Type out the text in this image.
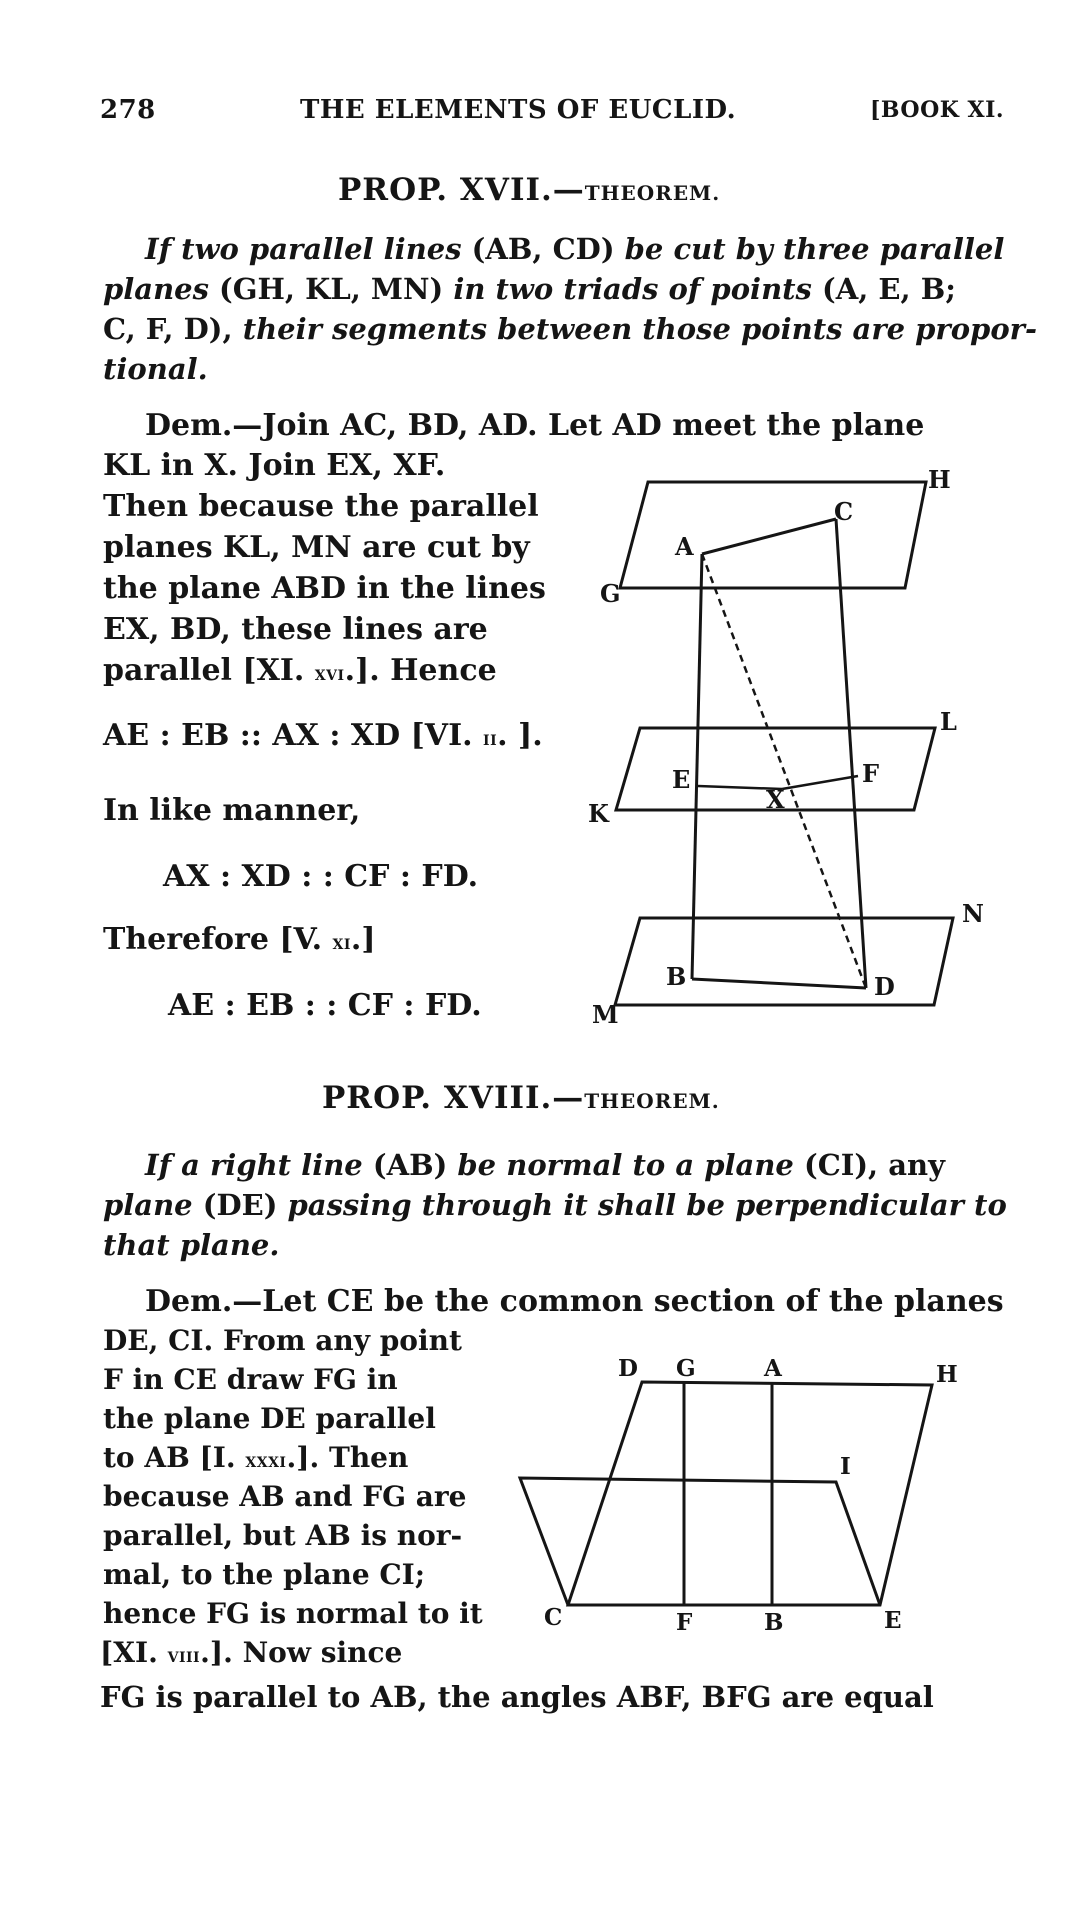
278	THE ELEMENTS OF EUCLID.	[BOOK XI.
PROP. XVII.—THEOREM.
If two parallel lines (AB, CD) be cut by three parallel
planes (GH, KL, MN) in two triads of points (A, E, B;
C, F, D), their segments between those points are propor-
tional.
Dem.—Join AC, BD, AD. Let AD meet the plane
KL in X. Join EX, XF.
Then because the parallel
planes KL, MN are cut by
the plane ABD in the lines
EX, BD, these lines are
parallel [XI. xvi.]. Hence
AE : EB :: AX : XD [VI. ii. ].
In like manner,
AX : XD : : CF : FD.
Therefore [V. xi.]
AE : EB : : CF : FD.
H
C
A
G
L
E	F
X
K
N
B	D
M
PROP. XVIII.—THEOREM.
If a right line (AB) be normal to a plane (CI), any
plane (DE) passing through it shall be perpendicular to
that plane.
Dem.—Let CE be the common section of the planes
DE, CI. From any point
F in CE draw FG in
the plane DE parallel
to AB [I. xxxi.]. Then
because AB and FG are
parallel, but AB is nor-
mal, to the plane CI;
hence FG is normal to it
[XI. viii.]. Now since
FG is parallel to AB, the angles ABF, BFG are equal
D G	A	H
I
C	F	B	E
